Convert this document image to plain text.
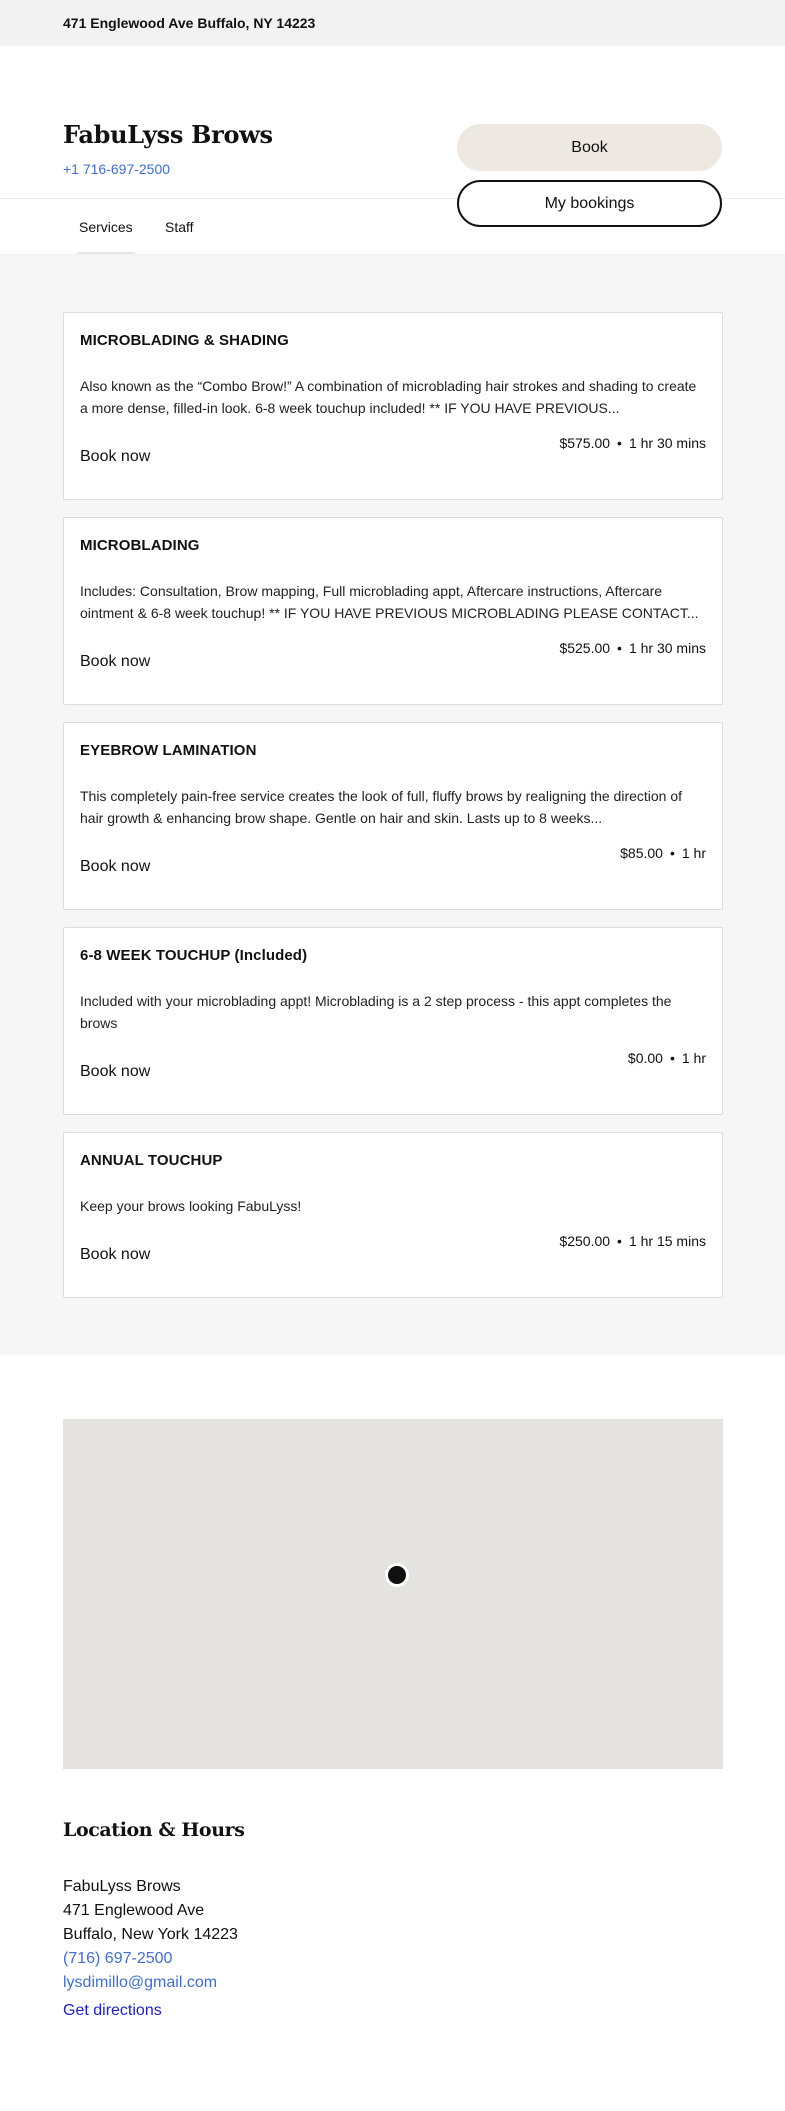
471 Englewood Ave Buffalo, NY 14223
FabuLyss Brows
+1 716-697-2500
Book
My bookings
Services Staff
MICROBLADING & SHADING
Also known as the “Combo Brow!” A combination of microblading hair strokes and shading to create a more dense, filled-in look. 6-8 week touchup included! ** IF YOU HAVE PREVIOUS...
$575.00 • 1 hr 30 mins
Book now
MICROBLADING
Includes: Consultation, Brow mapping, Full microblading appt, Aftercare instructions, Aftercare ointment & 6-8 week touchup! ** IF YOU HAVE PREVIOUS MICROBLADING PLEASE CONTACT...
$525.00 • 1 hr 30 mins
Book now
EYEBROW LAMINATION
This completely pain-free service creates the look of full, fluffy brows by realigning the direction of hair growth & enhancing brow shape. Gentle on hair and skin. Lasts up to 8 weeks...
$85.00 • 1 hr
Book now
6-8 WEEK TOUCHUP (Included)
Included with your microblading appt! Microblading is a 2 step process - this appt completes the brows
$0.00 • 1 hr
Book now
ANNUAL TOUCHUP
Keep your brows looking FabuLyss!
$250.00 • 1 hr 15 mins
Book now
Location & Hours
FabuLyss Brows
471 Englewood Ave
Buffalo, New York 14223
(716) 697-2500
lysdimillo@gmail.com
Get directions
